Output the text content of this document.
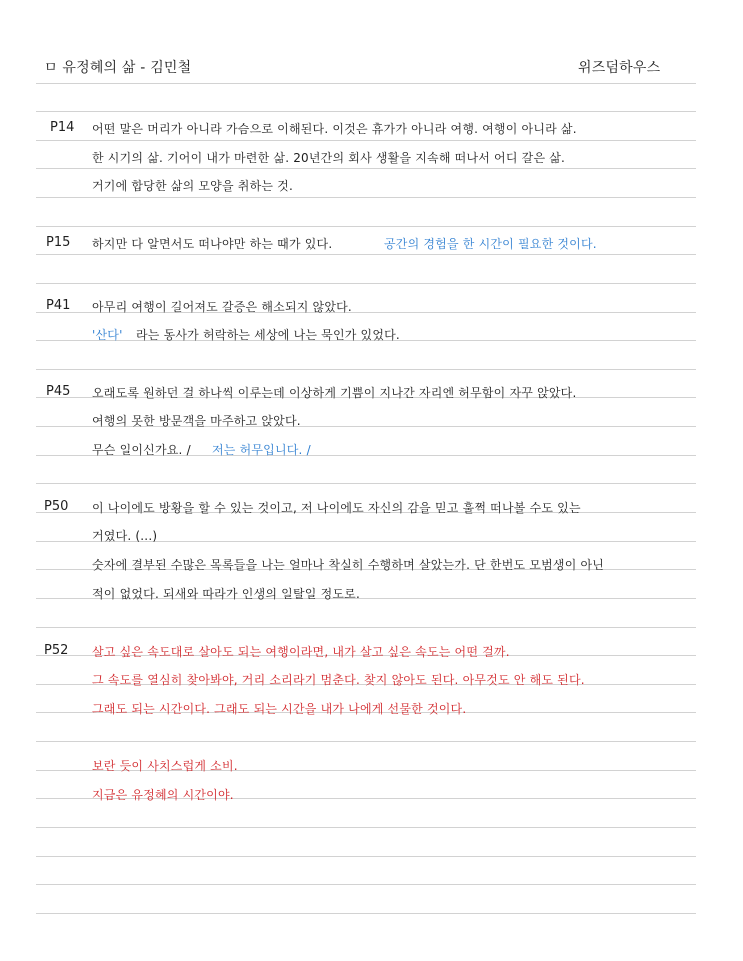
ㅁ 유정혜의 삶 - 김민철	위즈덤하우스
P14 어떤 말은 머리가 아니라 가슴으로 이해된다. 이것은 휴가가 아니라 여행. 여행이 아니라 삶.
한 시기의 삶. 기어이 내가 마련한 삶. 20년간의 회사 생활을 지속해 떠나서 어디 갈은 삶.
거기에 합당한 삶의 모양을 취하는 것.
P15 하지만 다 알면서도 떠나야만 하는 때가 있다.	공간의 경험을 한 시간이 필요한 것이다.
P41 아무리 여행이 길어져도 갈증은 해소되지 않았다.
'산다' 라는 동사가 허락하는 세상에 나는 묵인가 있었다.
P45 오래도록 원하던 걸 하나씩 이루는데 이상하게 기쁨이 지나간 자리엔 허무함이 자꾸 앉았다.
여행의 못한 방문객을 마주하고 앉았다.
무슨 일이신가요. / 저는 허무입니다. /
P50 이 나이에도 방황을 할 수 있는 것이고, 저 나이에도 자신의 감을 믿고 훌쩍 떠나볼 수도 있는
거였다. (...)
숫자에 결부된 수많은 목록들을 나는 얼마나 착실히 수행하며 살았는가. 단 한번도 모범생이 아닌
적이 없었다. 되새와 따라가 인생의 일탈일 정도로.
P52 살고 싶은 속도대로 살아도 되는 여행이라면, 내가 살고 싶은 속도는 어떤 걸까.
그 속도를 열심히 찾아봐야, 거리 소리라기 멈춘다. 찾지 않아도 된다. 아무것도 안 해도 된다.
그래도 되는 시간이다. 그래도 되는 시간을 내가 나에게 선물한 것이다.
보란 듯이 사치스럽게 소비.
지금은 유정혜의 시간이야.
